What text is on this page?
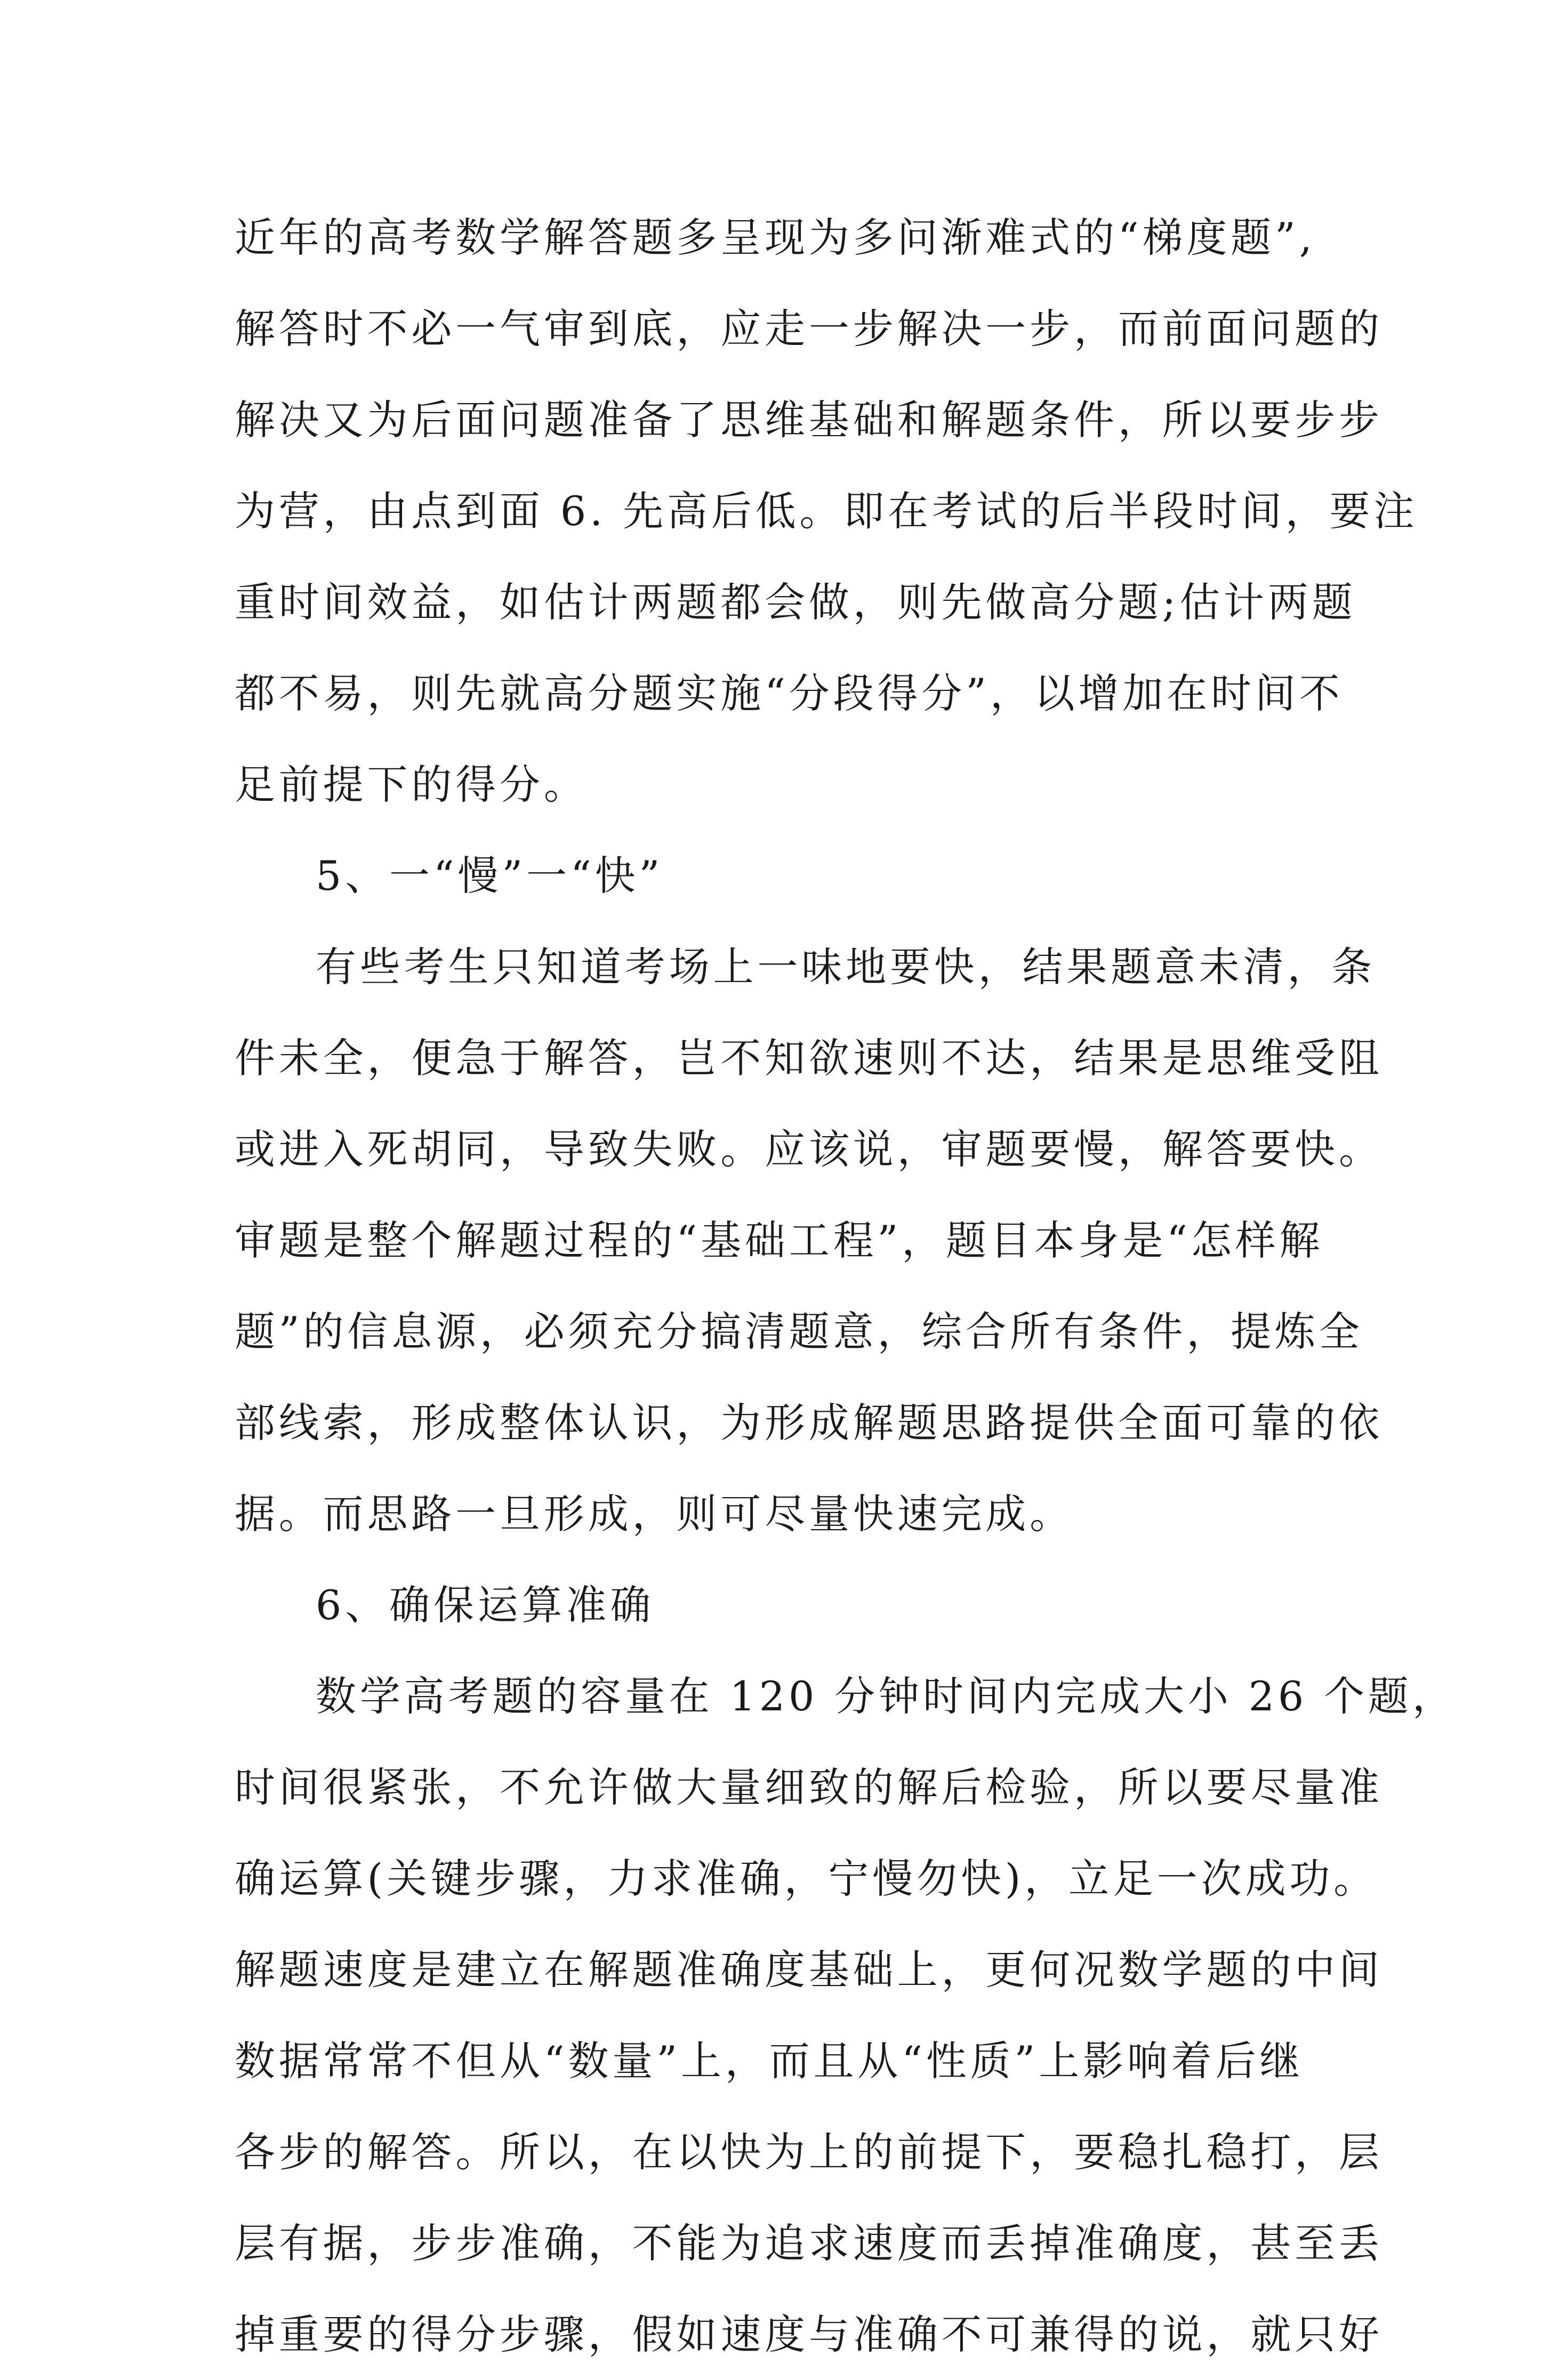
近年的高考数学解答题多呈现为多问渐难式的“梯度题”,
解答时不必一气审到底，应走一步解决一步，而前面问题的
解决又为后面问题准备了思维基础和解题条件，所以要步步
为营，由点到面 6. 先高后低。即在考试的后半段时间，要注
重时间效益，如估计两题都会做，则先做高分题;估计两题
都不易，则先就高分题实施“分段得分”，以增加在时间不
足前提下的得分。
5、一“慢”一“快”
有些考生只知道考场上一味地要快，结果题意未清，条
件未全，便急于解答，岂不知欲速则不达，结果是思维受阻
或进入死胡同，导致失败。应该说，审题要慢，解答要快。
审题是整个解题过程的“基础工程”，题目本身是“怎样解
题”的信息源，必须充分搞清题意，综合所有条件，提炼全
部线索，形成整体认识，为形成解题思路提供全面可靠的依
据。而思路一旦形成，则可尽量快速完成。
6、确保运算准确
数学高考题的容量在 120 分钟时间内完成大小 26 个题，
时间很紧张，不允许做大量细致的解后检验，所以要尽量准
确运算(关键步骤，力求准确，宁慢勿快)，立足一次成功。
解题速度是建立在解题准确度基础上，更何况数学题的中间
数据常常不但从“数量”上，而且从“性质”上影响着后继
各步的解答。所以，在以快为上的前提下，要稳扎稳打，层
层有据，步步准确，不能为追求速度而丢掉准确度，甚至丢
掉重要的得分步骤，假如速度与准确不可兼得的说，就只好
